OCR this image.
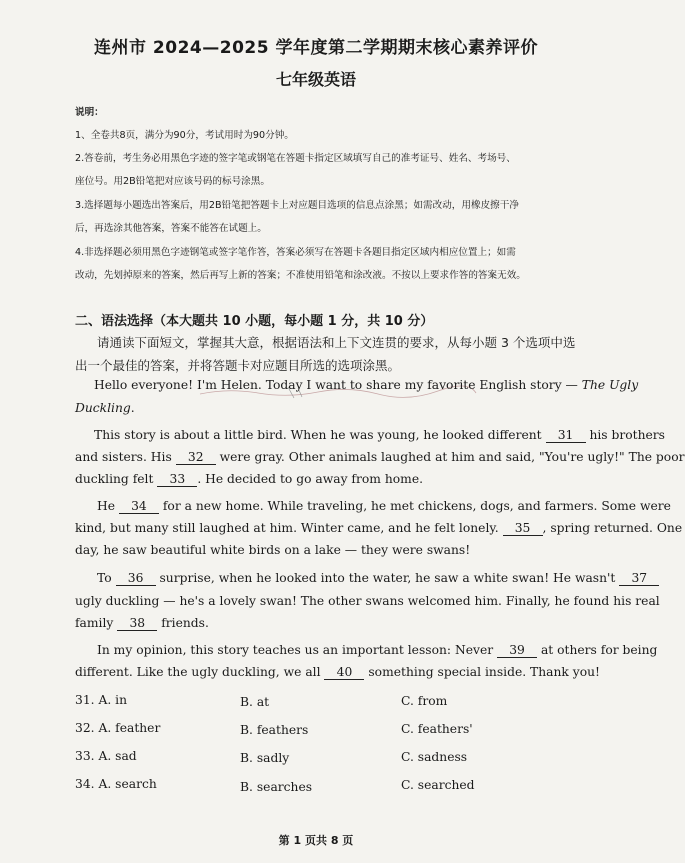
连州市 2024—2025 学年度第二学期期末核心素养评价
七年级英语
说明：
1、全卷共8页，满分为90分，考试用时为90分钟。
2.答卷前，考生务必用黑色字迹的签字笔或钢笔在答题卡指定区域填写自己的准考证号、姓名、考场号、
座位号。用2B铅笔把对应该号码的标号涂黑。
3.选择题每小题选出答案后，用2B铅笔把答题卡上对应题目选项的信息点涂黑；如需改动，用橡皮擦干净
后，再选涂其他答案，答案不能答在试题上。
4.非选择题必须用黑色字迹钢笔或签字笔作答，答案必须写在答题卡各题目指定区域内相应位置上；如需
改动，先划掉原来的答案，然后再写上新的答案；不准使用铅笔和涂改液。不按以上要求作答的答案无效。
二、语法选择（本大题共 10 小题，每小题 1 分，共 10 分）
请通读下面短文，掌握其大意，根据语法和上下文连贯的要求，从每小题 3 个选项中选
出一个最佳的答案，并将答题卡对应题目所选的选项涂黑。
Hello everyone! I'm Helen. Today I want to share my favorite English story — The Ugly
Duckling.
This story is about a little bird. When he was young, he looked different 31 his brothers
and sisters. His 32 were gray. Other animals laughed at him and said, "You're ugly!" The poor
duckling felt 33 . He decided to go away from home.
He 34 for a new home. While traveling, he met chickens, dogs, and farmers. Some were
kind, but many still laughed at him. Winter came, and he felt lonely. 35 , spring returned. One
day, he saw beautiful white birds on a lake — they were swans!
To 36 surprise, when he looked into the water, he saw a white swan! He wasn't 37
ugly duckling — he's a lovely swan! The other swans welcomed him. Finally, he found his real
family 38 friends.
In my opinion, this story teaches us an important lesson: Never 39 at others for being
different. Like the ugly duckling, we all 40 something special inside. Thank you!
31. A. in	B. at	C. from
32. A. feather	B. feathers	C. feathers'
33. A. sad	B. sadly	C. sadness
34. A. search	B. searches	C. searched
第 1 页共 8 页
